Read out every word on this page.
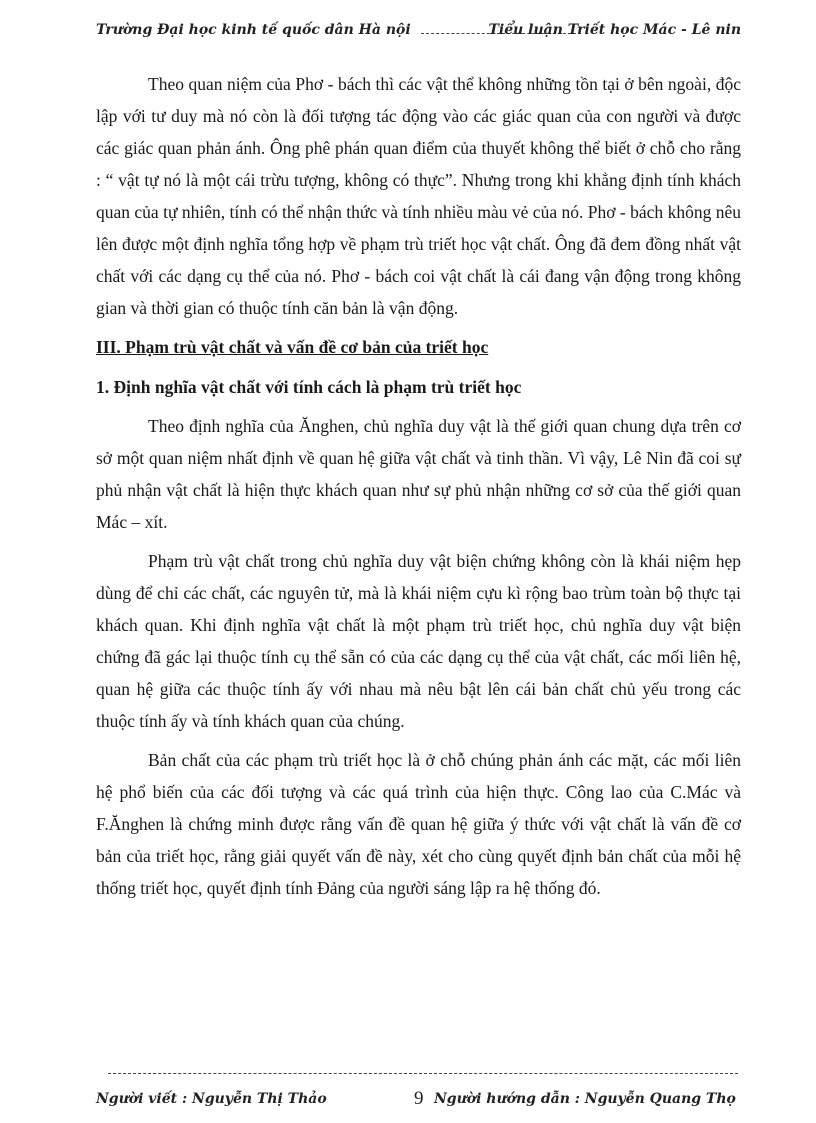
Trường Đại học kinh tế quốc dân Hà nội	Tiểu luận Triết học Mác - Lê nin

Theo quan niệm của Phơ - bách thì các vật thể không những tồn tại ở bên ngoài, độc lập với tư duy mà nó còn là đối tượng tác động vào các giác quan của con người và được các giác quan phản ánh. Ông phê phán quan điểm của thuyết không thể biết ở chỗ cho rằng : “ vật tự nó là một cái trừu tượng, không có thực”. Nhưng trong khi khẳng định tính khách quan của tự nhiên, tính có thể nhận thức và tính nhiều màu vẻ của nó. Phơ - bách không nêu lên được một định nghĩa tổng hợp về phạm trù triết học vật chất. Ông đã đem đồng nhất vật chất với các dạng cụ thể của nó. Phơ - bách coi vật chất là cái đang vận động trong không gian và thời gian có thuộc tính căn bản là vận động.

III. Phạm trù vật chất và vấn đề cơ bản của triết học
1. Định nghĩa vật chất với tính cách là phạm trù triết học

Theo định nghĩa của Ănghen, chủ nghĩa duy vật là thế giới quan chung dựa trên cơ sở một quan niệm nhất định về quan hệ giữa vật chất và tinh thần. Vì vậy, Lê Nin đã coi sự phủ nhận vật chất là hiện thực khách quan như sự phủ nhận những cơ sở của thế giới quan Mác – xít.

Phạm trù vật chất trong chủ nghĩa duy vật biện chứng không còn là khái niệm hẹp dùng để chỉ các chất, các nguyên tử, mà là khái niệm cựu kì rộng bao trùm toàn bộ thực tại khách quan. Khi định nghĩa vật chất là một phạm trù triết học, chủ nghĩa duy vật biện chứng đã gác lại thuộc tính cụ thể sẵn có của các dạng cụ thể của vật chất, các mối liên hệ, quan hệ giữa các thuộc tính ấy với nhau mà nêu bật lên cái bản chất chủ yếu trong các thuộc tính ấy và tính khách quan của chúng.

Bản chất của các phạm trù triết học là ở chỗ chúng phản ánh các mặt, các mối liên hệ phổ biến của các đối tượng và các quá trình của hiện thực. Công lao của C.Mác và F.Ănghen là chứng minh được rằng vấn đề quan hệ giữa ý thức với vật chất là vấn đề cơ bản của triết học, rằng giải quyết vấn đề này, xét cho cùng quyết định bản chất của mỗi hệ thống triết học, quyết định tính Đảng của người sáng lập ra hệ thống đó.

Người viết : Nguyễn Thị Thảo	9 Người hướng dẫn : Nguyễn Quang Thọ
